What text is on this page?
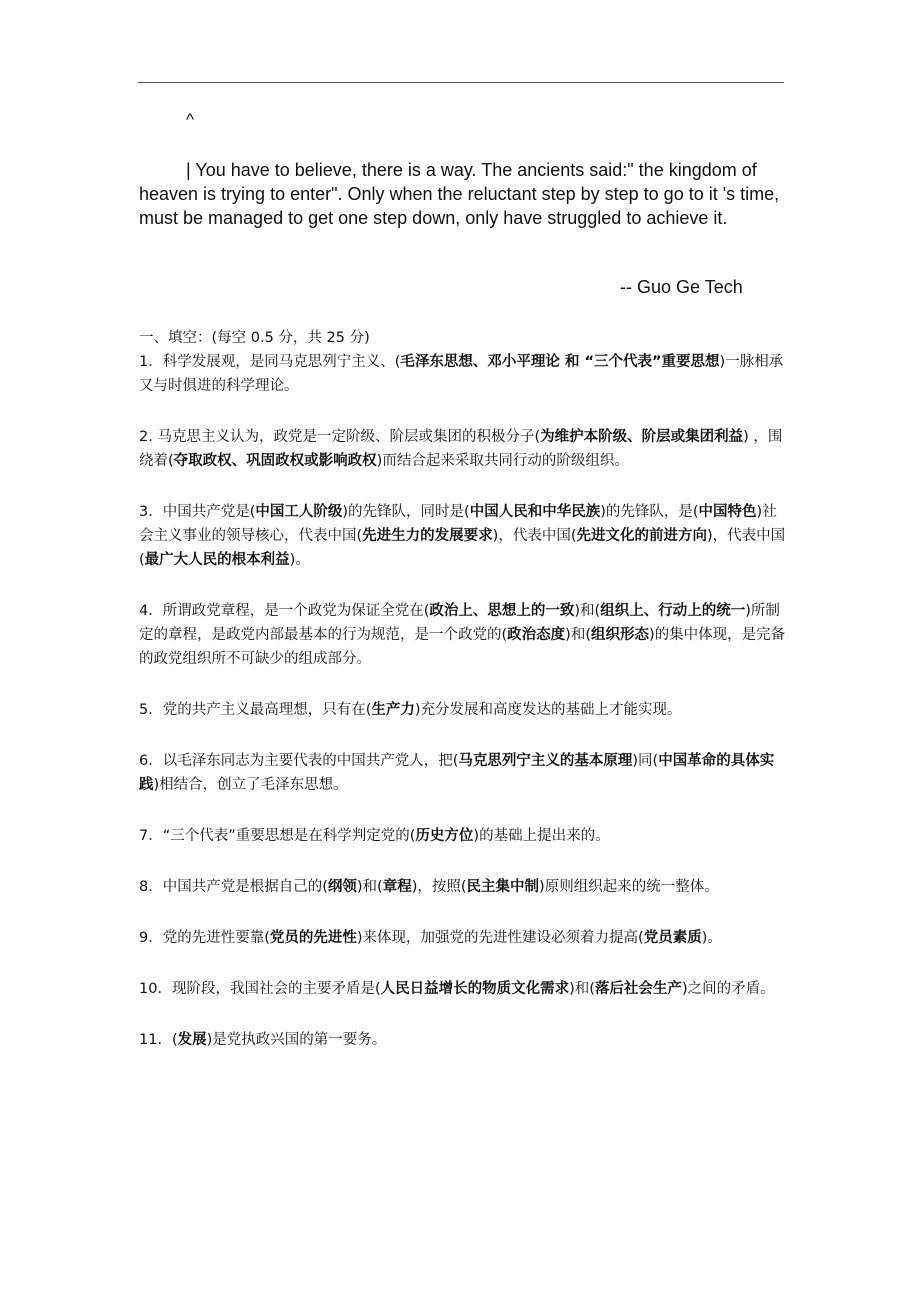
^
| You have to believe, there is a way. The ancients said:" the kingdom of heaven is trying to enter". Only when the reluctant step by step to go to it 's time, must be managed to get one step down, only have struggled to achieve it.
-- Guo Ge Tech

一、填空：(每空 0.5 分，共 25 分)

1．科学发展观，是同马克思列宁主义、(毛泽东思想、邓小平理论 和 “三个代表”重要思想)一脉相承又与时俱进的科学理论。

2. 马克思主义认为，政党是一定阶级、阶层或集团的积极分子(为维护本阶级、阶层或集团利益) ，围绕着(夺取政权、巩固政权或影响政权)而结合起来采取共同行动的阶级组织。

3．中国共产党是(中国工人阶级)的先锋队，同时是(中国人民和中华民族)的先锋队，是(中国特色)社会主义事业的领导核心，代表中国(先进生力的发展要求)，代表中国(先进文化的前进方向)，代表中国(最广大人民的根本利益)。

4．所谓政党章程，是一个政党为保证全党在(政治上、思想上的一致)和(组织上、行动上的统一)所制定的章程，是政党内部最基本的行为规范，是一个政党的(政治态度)和(组织形态)的集中体现，是完备的政党组织所不可缺少的组成部分。

5．党的共产主义最高理想，只有在(生产力)充分发展和高度发达的基础上才能实现。

6．以毛泽东同志为主要代表的中国共产党人，把(马克思列宁主义的基本原理)同(中国革命的具体实践)相结合，创立了毛泽东思想。

7．“三个代表”重要思想是在科学判定党的(历史方位)的基础上提出来的。

8．中国共产党是根据自己的(纲领)和(章程)，按照(民主集中制)原则组织起来的统一整体。

9．党的先进性要靠(党员的先进性)来体现，加强党的先进性建设必须着力提高(党员素质)。

10．现阶段，我国社会的主要矛盾是(人民日益增长的物质文化需求)和(落后社会生产)之间的矛盾。

11．(发展)是党执政兴国的第一要务。
